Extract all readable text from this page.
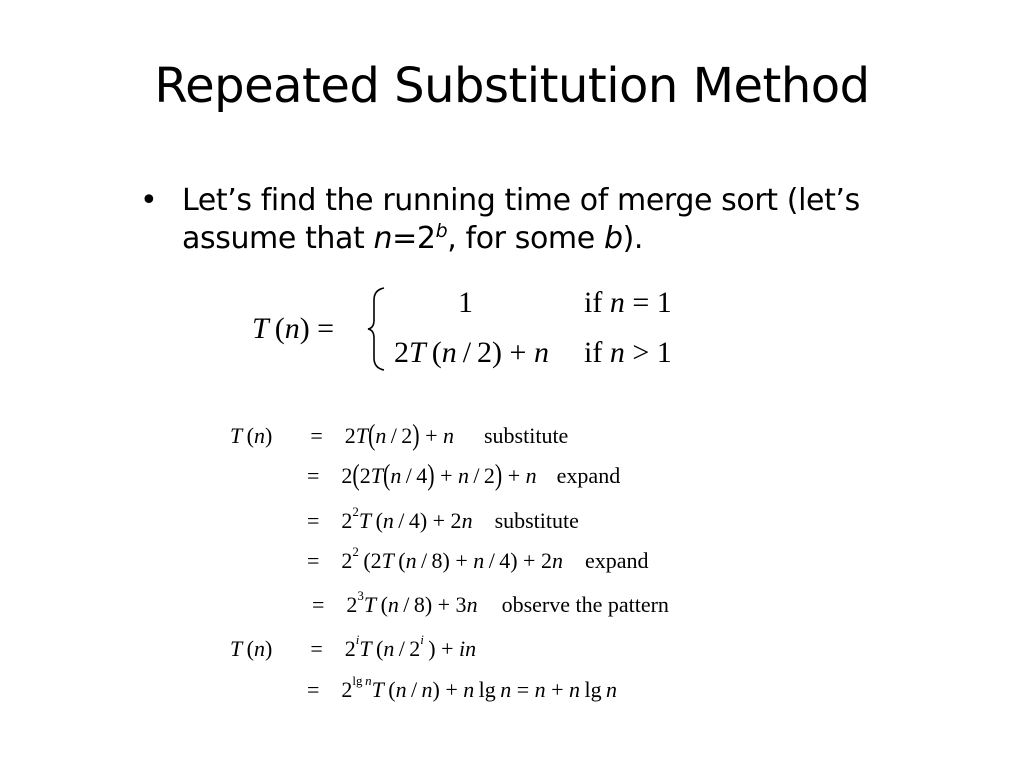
Repeated Substitution Method
• Let’s find the running time of merge sort (let’s assume that $n=2^b$, for some b).
T (n) =
1	if n = 1
2T (n / 2) + n if n > 1
T (n) = 2T(n / 2) + n substitute
= 2(2T(n / 4) + n / 2) + n expand
= $2^2T$ (n / 4) + 2n substitute
= $2^2$ (2T (n / 8) + n / 4) + 2n expand
= $2^3T$ (n / 8) + 3n observe the pattern
T $(n) = 2^iT$ (n / 2$^i$ ) + in
= $2^{lg n}T$ (n / n) + n lg n = n + n lg n
